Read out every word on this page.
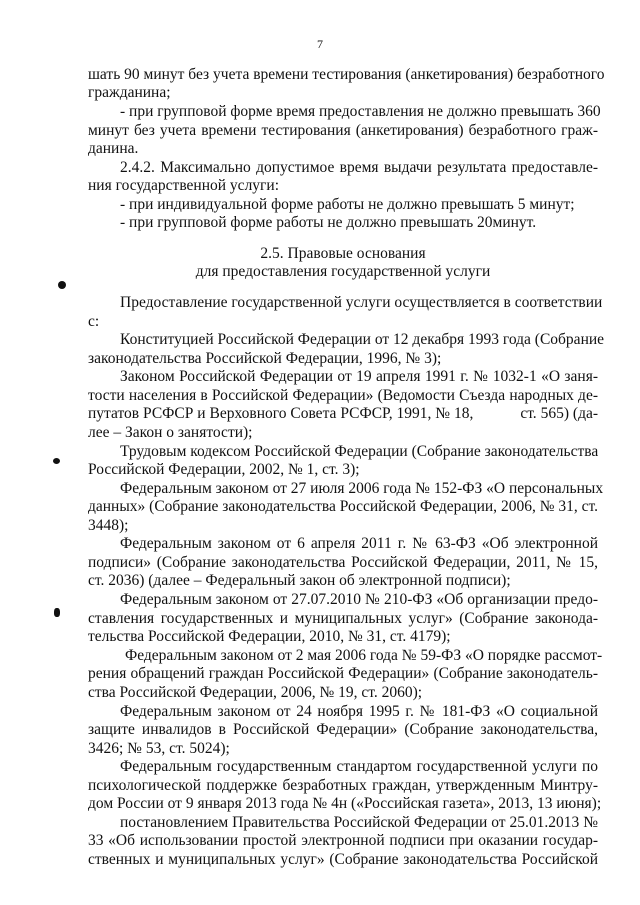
7
шать 90 минут без учета времени тестирования (анкетирования) безработного
гражданина;
- при групповой форме время предоставления не должно превышать 360
минут без учета времени тестирования (анкетирования) безработного граж-
данина.
2.4.2. Максимально допустимое время выдачи результата предоставле-
ния государственной услуги:
- при индивидуальной форме работы не должно превышать 5 минут;
- при групповой форме работы не должно превышать 20минут.
2.5. Правовые основания
для предоставления государственной услуги
Предоставление государственной услуги осуществляется в соответствии
с:
Конституцией Российской Федерации от 12 декабря 1993 года (Собрание
законодательства Российской Федерации, 1996, № 3);
Законом Российской Федерации от 19 апреля 1991 г. № 1032-1 «О заня-
тости населения в Российской Федерации» (Ведомости Съезда народных де-
путатов РСФСР и Верховного Совета РСФСР, 1991, № 18,            ст. 565) (да-
лее – Закон о занятости);
Трудовым кодексом Российской Федерации (Собрание законодательства
Российской Федерации, 2002, № 1, ст. 3);
Федеральным законом от 27 июля 2006 года № 152-ФЗ «О персональных
данных» (Собрание законодательства Российской Федерации, 2006, № 31, ст.
3448);
Федеральным законом от 6 апреля 2011 г. № 63-ФЗ «Об электронной
подписи» (Собрание законодательства Российской Федерации, 2011, № 15,
ст. 2036) (далее – Федеральный закон об электронной подписи);
Федеральным законом от 27.07.2010 № 210-ФЗ «Об организации предо-
ставления государственных и муниципальных услуг» (Собрание законода-
тельства Российской Федерации, 2010, № 31, ст. 4179);
Федеральным законом от 2 мая 2006 года № 59-ФЗ «О порядке рассмот-
рения обращений граждан Российской Федерации» (Собрание законодатель-
ства Российской Федерации, 2006, № 19, ст. 2060);
Федеральным законом от 24 ноября 1995 г. № 181-ФЗ «О социальной
защите инвалидов в Российской Федерации» (Собрание законодательства,
3426; № 53, ст. 5024);
Федеральным государственным стандартом государственной услуги по
психологической поддержке безработных граждан, утвержденным Минтру-
дом России от 9 января 2013 года № 4н («Российская газета», 2013, 13 июня);
постановлением Правительства Российской Федерации от 25.01.2013 №
33 «Об использовании простой электронной подписи при оказании государ-
ственных и муниципальных услуг» (Собрание законодательства Российской
